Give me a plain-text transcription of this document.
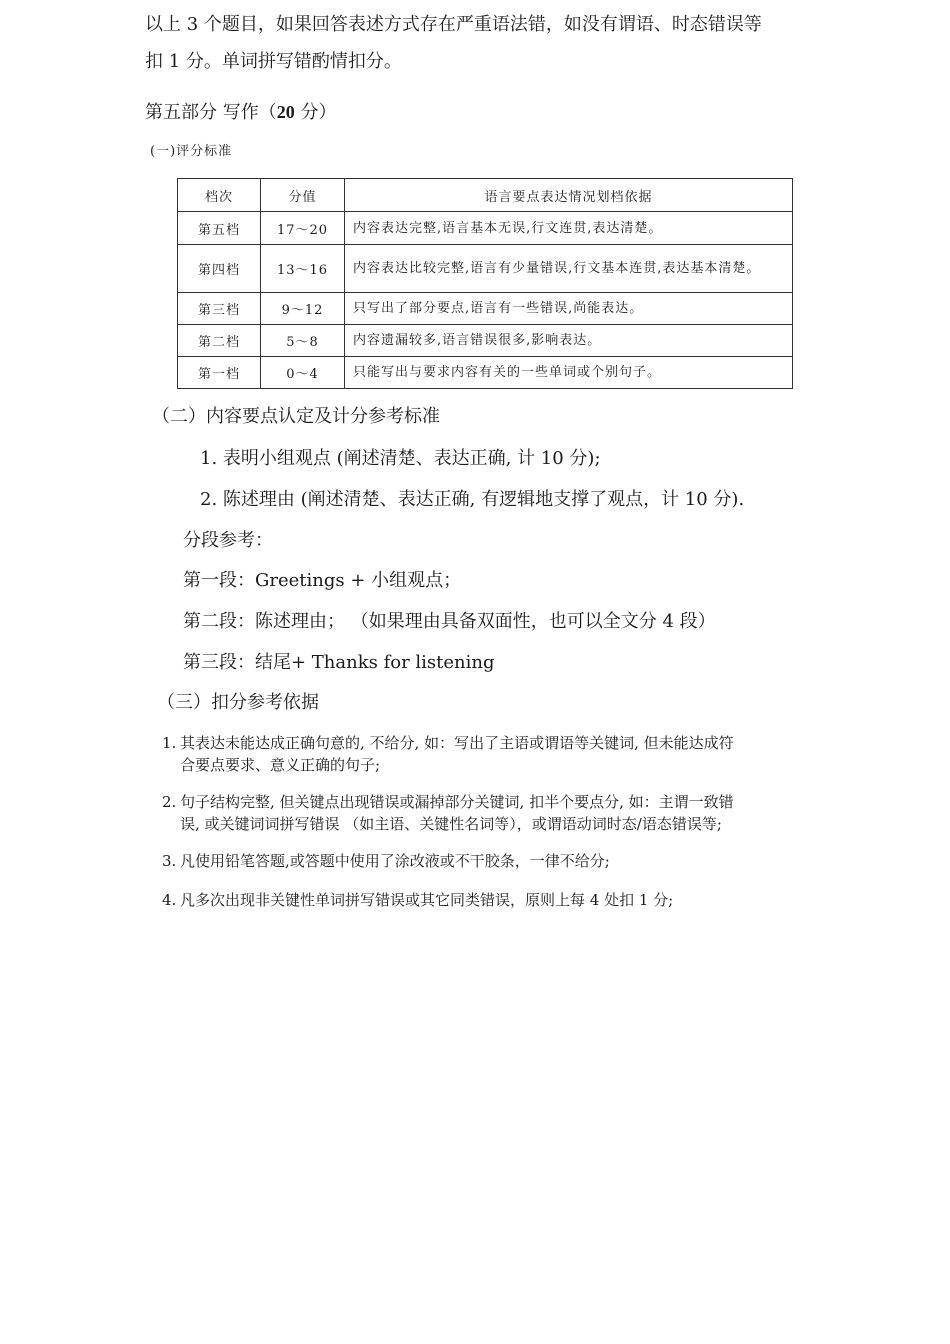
以上 3 个题目，如果回答表述方式存在严重语法错，如没有谓语、时态错误等

扣 1 分。单词拼写错酌情扣分。

第五部分 写作（20 分）
(一)评分标准
档次	分值	语言要点表达情况划档依据
第五档	17～20	内容表达完整,语言基本无误,行文连贯,表达清楚。
第四档	13～16	内容表达比较完整,语言有少量错误,行文基本连贯,表达基本清楚。
第三档	9～12	只写出了部分要点,语言有一些错误,尚能表达。
第二档	5～8	内容遗漏较多,语言错误很多,影响表达。
第一档	0～4	只能写出与要求内容有关的一些单词或个别句子。
（二）内容要点认定及计分参考标准
1. 表明小组观点 (阐述清楚、表达正确, 计 10 分);
2. 陈述理由 (阐述清楚、表达正确, 有逻辑地支撑了观点，计 10 分).
分段参考：
第一段：Greetings + 小组观点；
第二段：陈述理由； （如果理由具备双面性，也可以全文分 4 段）
第三段：结尾+ Thanks for listening
（三）扣分参考依据
1. 其表达未能达成正确句意的, 不给分, 如：写出了主语或谓语等关键词, 但未能达成符
合要点要求、意义正确的句子;
2. 句子结构完整, 但关键点出现错误或漏掉部分关键词, 扣半个要点分, 如：主谓一致错
误, 或关键词词拼写错误 （如主语、关键性名词等），或谓语动词时态/语态错误等;
3. 凡使用铅笔答题,或答题中使用了涂改液或不干胶条，一律不给分;
4. 凡多次出现非关键性单词拼写错误或其它同类错误，原则上每 4 处扣 1 分;
